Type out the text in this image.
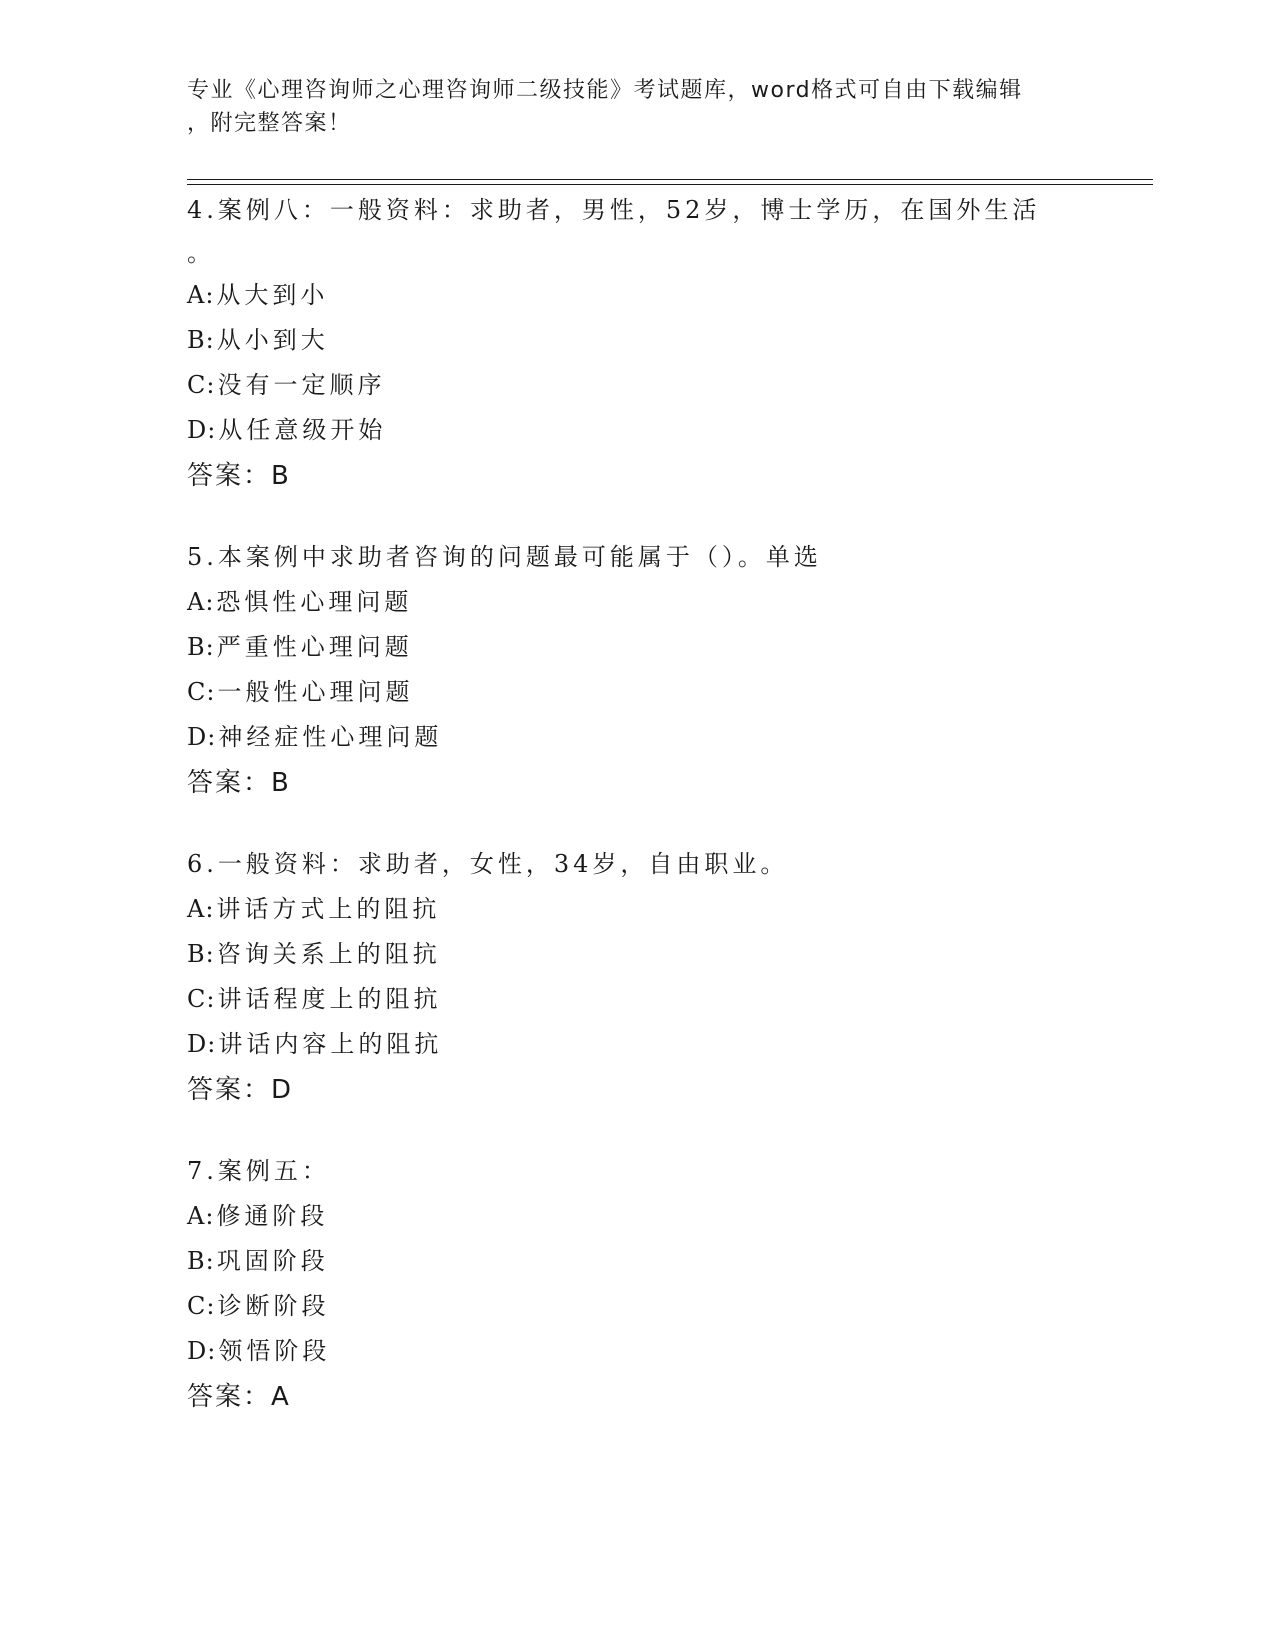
专业《心理咨询师之心理咨询师二级技能》考试题库，word格式可自由下载编辑
，附完整答案！
4.案例八：一般资料：求助者，男性，52岁，博士学历，在国外生活
。
A: 从大到小
B: 从小到大
C: 没有一定顺序
D: 从任意级开始
答案：B
5.本案例中求助者咨询的问题最可能属于（）。单选
A: 恐惧性心理问题
B: 严重性心理问题
C: 一般性心理问题
D: 神经症性心理问题
答案：B
6.一般资料：求助者，女性，34岁，自由职业。
A: 讲话方式上的阻抗
B: 咨询关系上的阻抗
C: 讲话程度上的阻抗
D: 讲话内容上的阻抗
答案：D
7.案例五：
A: 修通阶段
B: 巩固阶段
C: 诊断阶段
D: 领悟阶段
答案：A
